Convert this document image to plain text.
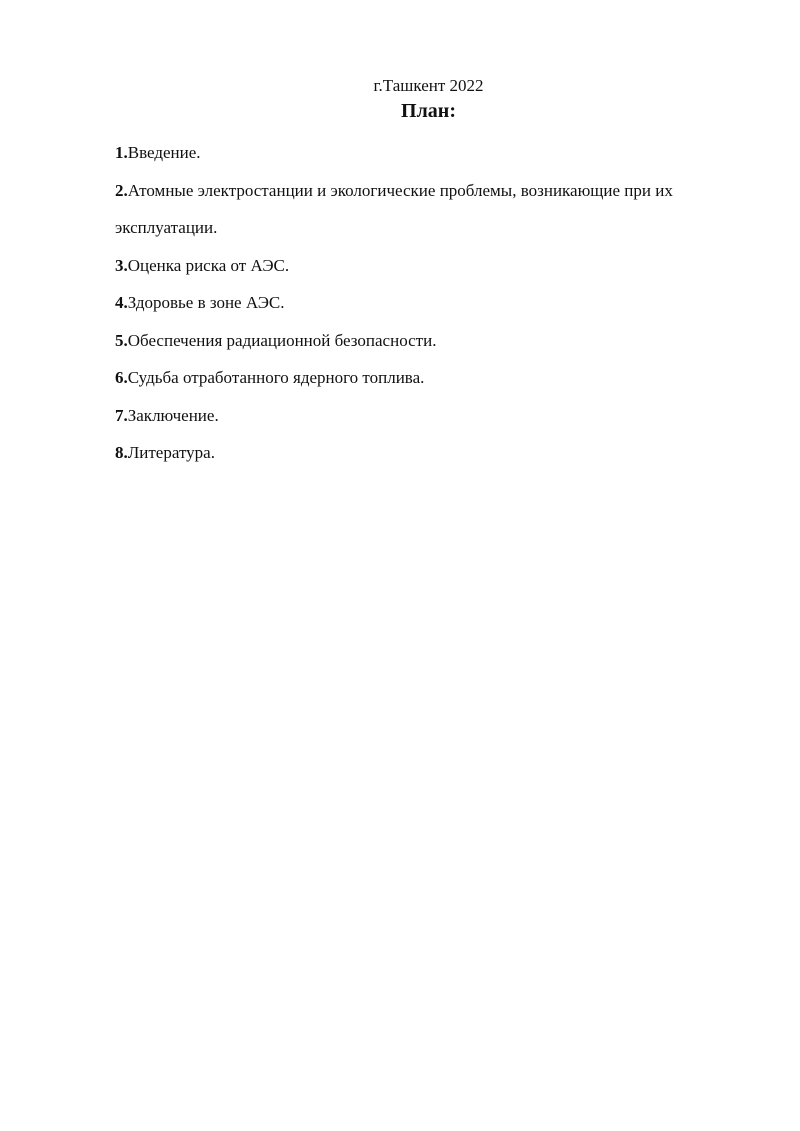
г.Ташкент 2022
План:
1.Введение.
2.Атомные электростанции и экологические проблемы, возникающие при их эксплуатации.
3.Оценка риска от АЭС.
4.Здоровье в зоне АЭС.
5.Обеспечения радиационной безопасности.
6.Судьба отработанного ядерного топлива.
7.Заключение.
8.Литература.
